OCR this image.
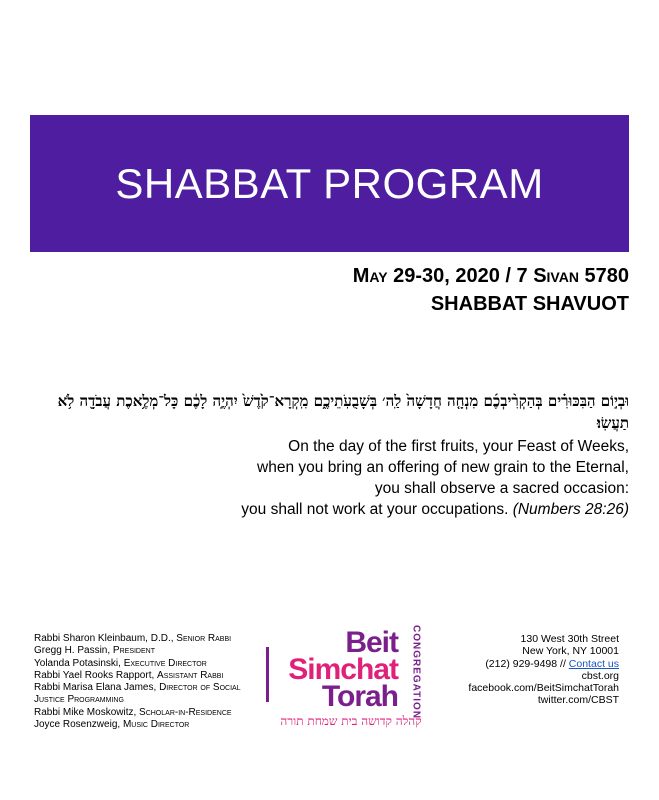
SHABBAT PROGRAM
May 29-30, 2020 / 7 Sivan 5780
SHABBAT SHAVUOT
וּבְי֣וֹם הַבִּכּוּרִ֗ים בְּהַקְרִ֨יבְכֶ֜ם מִנְחָ֤ה חֲדָשָׁה֙ לַֽה׳ בְּשָׁבֻעֹֽתֵיכֶ֑ם מִֽקְרָא־קֹ֙דֶשׁ֙ יִהְיֶ֣ה לָכֶ֔ם כָּל־מְלֶ֥אכֶת עֲבֹדָ֖ה לֹ֥א תַעֲשֽׂוּ׃
On the day of the first fruits, your Feast of Weeks,
when you bring an offering of new grain to the Eternal,
you shall observe a sacred occasion:
you shall not work at your occupations. (Numbers 28:26)
Rabbi Sharon Kleinbaum, D.D., Senior Rabbi
Gregg H. Passin, President
Yolanda Potasinski, Executive Director
Rabbi Yael Rooks Rapport, Assistant Rabbi
Rabbi Marisa Elana James, Director of Social Justice Programming
Rabbi Mike Moskowitz, Scholar-in-Residence
Joyce Rosenzweig, Music Director
Beit
Simchat
Torah CONGREGATION
קהלה קדושה בית שמחת תורה
130 West 30th Street
New York, NY 10001
(212) 929-9498 // Contact us
cbst.org
facebook.com/BeitSimchatTorah
twitter.com/CBST
